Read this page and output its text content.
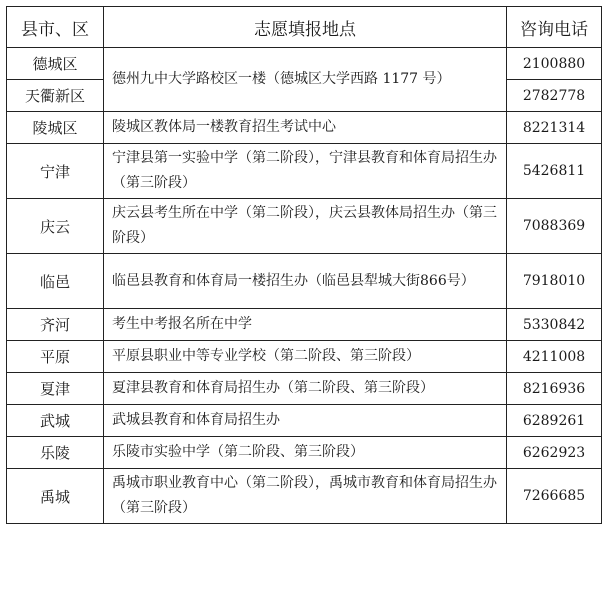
县市、区	志愿填报地点	咨询电话
德城区	德州九中大学路校区一楼（德城区大学西路 1177 号）	2100880
天衢新区		2782778
陵城区	陵城区教体局一楼教育招生考试中心	8221314
宁津	宁津县第一实验中学（第二阶段），宁津县教育和体育局招生办（第三阶段）	5426811
庆云	庆云县考生所在中学（第二阶段），庆云县教体局招生办（第三阶段）	7088369
临邑	临邑县教育和体育局一楼招生办（临邑县犁城大街866号）	7918010
齐河	考生中考报名所在中学	5330842
平原	平原县职业中等专业学校（第二阶段、第三阶段）	4211008
夏津	夏津县教育和体育局招生办（第二阶段、第三阶段）	8216936
武城	武城县教育和体育局招生办	6289261
乐陵	乐陵市实验中学（第二阶段、第三阶段）	6262923
禹城	禹城市职业教育中心（第二阶段），禹城市教育和体育局招生办（第三阶段）	7266685
